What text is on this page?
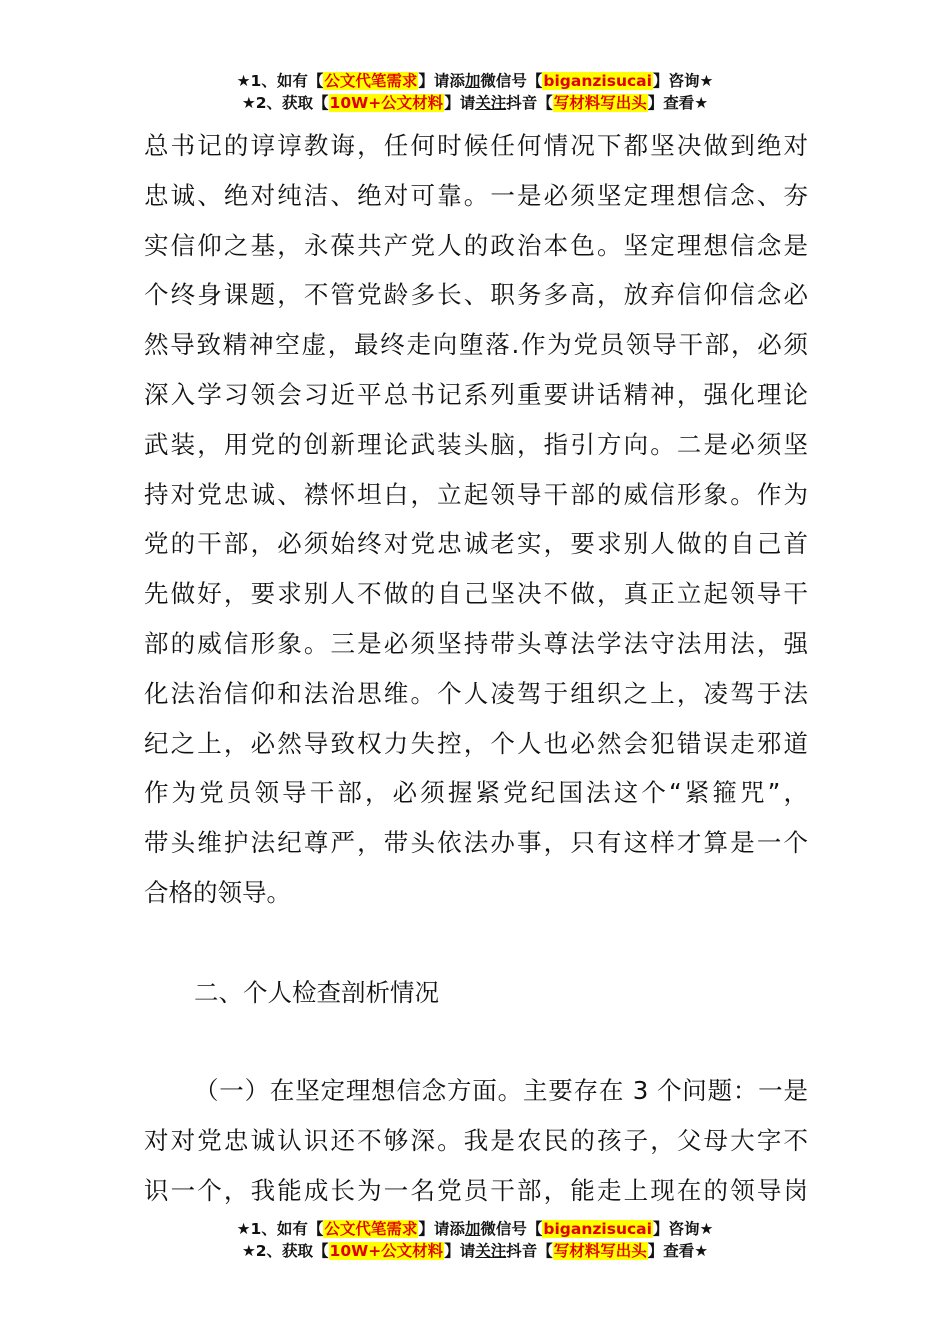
★1、如有【公文代笔需求】请添加微信号【biganzisucai】咨询★
★2、获取【10W+公文材料】请关注抖音【写材料写出头】查看★
总书记的谆谆教诲，任何时候任何情况下都坚决做到绝对
忠诚、绝对纯洁、绝对可靠。一是必须坚定理想信念、夯
实信仰之基，永葆共产党人的政治本色。坚定理想信念是
个终身课题，不管党龄多长、职务多高，放弃信仰信念必
然导致精神空虚，最终走向堕落.作为党员领导干部，必须
深入学习领会习近平总书记系列重要讲话精神，强化理论
武装，用党的创新理论武装头脑，指引方向。二是必须坚
持对党忠诚、襟怀坦白，立起领导干部的威信形象。作为
党的干部，必须始终对党忠诚老实，要求别人做的自己首
先做好，要求别人不做的自己坚决不做，真正立起领导干
部的威信形象。三是必须坚持带头尊法学法守法用法，强
化法治信仰和法治思维。个人凌驾于组织之上，凌驾于法
纪之上，必然导致权力失控，个人也必然会犯错误走邪道
作为党员领导干部，必须握紧党纪国法这个“紧箍咒”，
带头维护法纪尊严，带头依法办事，只有这样才算是一个
合格的领导。
二、个人检查剖析情况
（一）在坚定理想信念方面。主要存在 3 个问题：一是
对对党忠诚认识还不够深。我是农民的孩子，父母大字不
识一个，我能成长为一名党员干部，能走上现在的领导岗
★1、如有【公文代笔需求】请添加微信号【biganzisucai】咨询★
★2、获取【10W+公文材料】请关注抖音【写材料写出头】查看★
